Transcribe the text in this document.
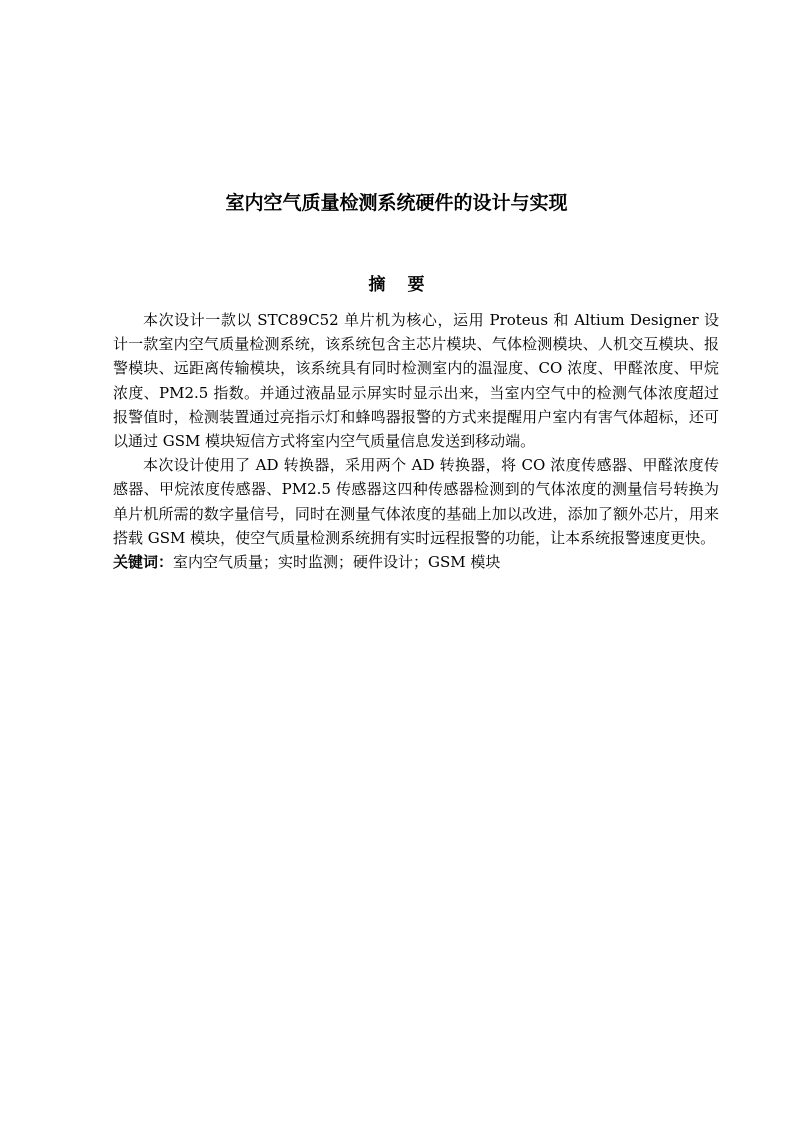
室内空气质量检测系统硬件的设计与实现
摘要

本次设计一款以 STC89C52 单片机为核心，运用 Proteus 和 Altium Designer 设计一款室内空气质量检测系统，该系统包含主芯片模块、气体检测模块、人机交互模块、报警模块、远距离传输模块，该系统具有同时检测室内的温湿度、CO 浓度、甲醛浓度、甲烷浓度、PM2.5 指数。并通过液晶显示屏实时显示出来，当室内空气中的检测气体浓度超过报警值时，检测装置通过亮指示灯和蜂鸣器报警的方式来提醒用户室内有害气体超标，还可以通过 GSM 模块短信方式将室内空气质量信息发送到移动端。

本次设计使用了 AD 转换器，采用两个 AD 转换器，将 CO 浓度传感器、甲醛浓度传感器、甲烷浓度传感器、PM2.5 传感器这四种传感器检测到的气体浓度的测量信号转换为单片机所需的数字量信号，同时在测量气体浓度的基础上加以改进，添加了额外芯片，用来搭载 GSM 模块，使空气质量检测系统拥有实时远程报警的功能，让本系统报警速度更快。

关键词：室内空气质量；实时监测；硬件设计；GSM 模块
